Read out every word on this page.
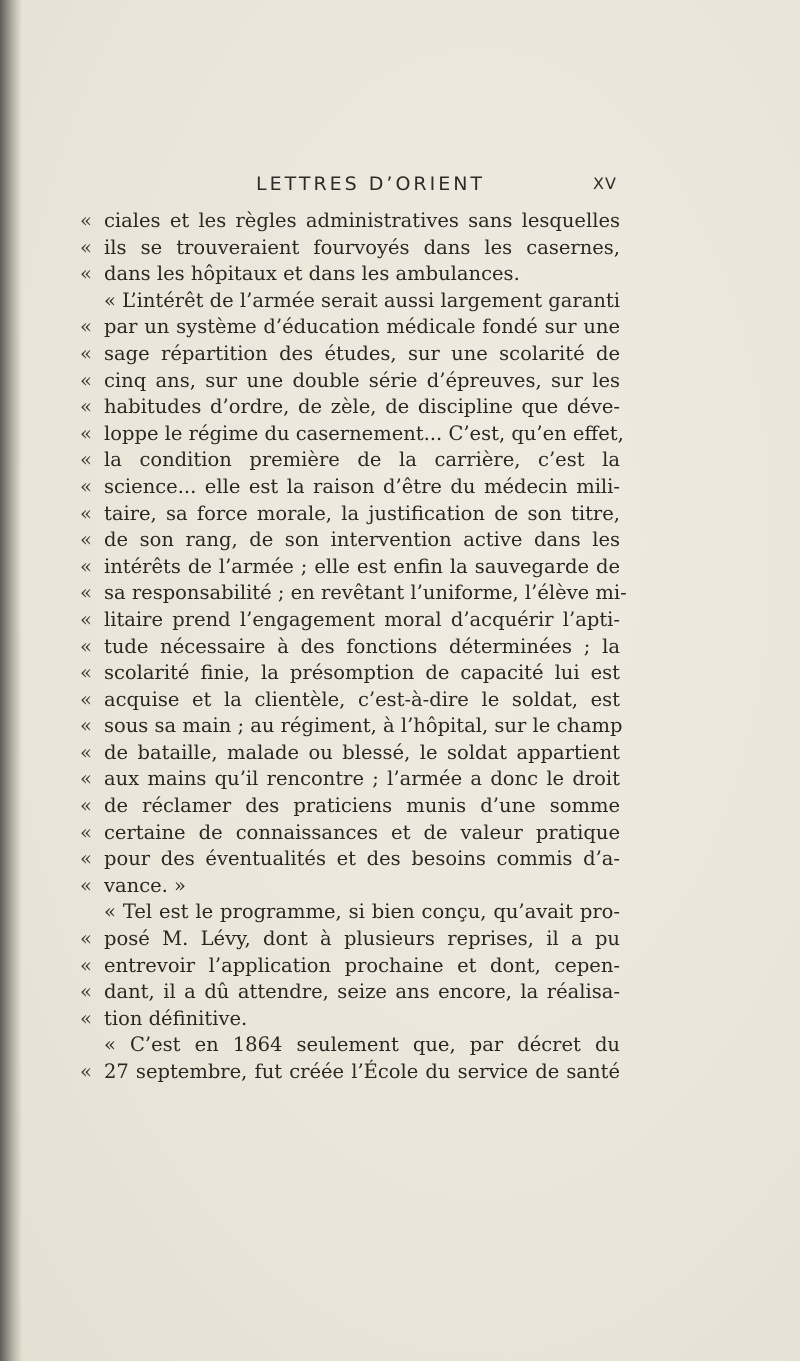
LETTRES D’ORIENT	XV
« ciales et les règles administratives sans lesquelles
« ils se trouveraient fourvoyés dans les casernes,
« dans les hôpitaux et dans les ambulances.
« L’intérêt de l’armée serait aussi largement garanti
« par un système d’éducation médicale fondé sur une
« sage répartition des études, sur une scolarité de
« cinq ans, sur une double série d’épreuves, sur les
« habitudes d’ordre, de zèle, de discipline que déve-
« loppe le régime du casernement... C’est, qu’en effet,
« la condition première de la carrière, c’est la
« science... elle est la raison d’être du médecin mili-
« taire, sa force morale, la justification de son titre,
« de son rang, de son intervention active dans les
« intérêts de l’armée ; elle est enfin la sauvegarde de
« sa responsabilité ; en revêtant l’uniforme, l’élève mi-
« litaire prend l’engagement moral d’acquérir l’apti-
« tude nécessaire à des fonctions déterminées ; la
« scolarité finie, la présomption de capacité lui est
« acquise et la clientèle, c’est-à-dire le soldat, est
« sous sa main ; au régiment, à l’hôpital, sur le champ
« de bataille, malade ou blessé, le soldat appartient
« aux mains qu’il rencontre ; l’armée a donc le droit
« de réclamer des praticiens munis d’une somme
« certaine de connaissances et de valeur pratique
« pour des éventualités et des besoins commis d’a-
« vance. »
« Tel est le programme, si bien conçu, qu’avait pro-
« posé M. Lévy, dont à plusieurs reprises, il a pu
« entrevoir l’application prochaine et dont, cepen-
« dant, il a dû attendre, seize ans encore, la réalisa-
« tion définitive.
« C’est en 1864 seulement que, par décret du
« 27 septembre, fut créée l’École du service de santé
